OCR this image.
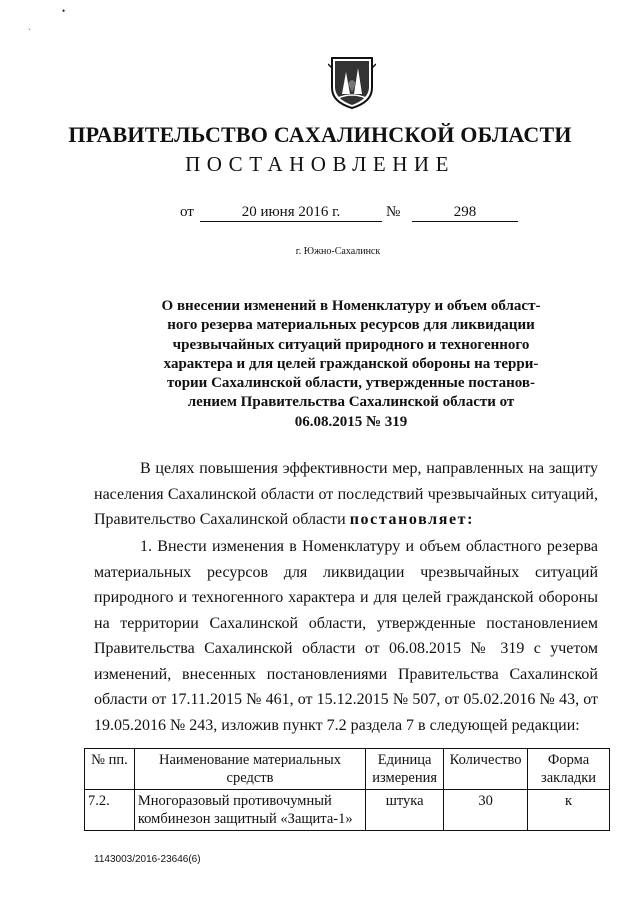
•
˴
ПРАВИТЕЛЬСТВО САХАЛИНСКОЙ ОБЛАСТИ
ПОСТАНОВЛЕНИЕ
от	20 июня 2016 г.	№	298
г. Южно-Сахалинск
О внесении изменений в Номенклатуру и объем област-
ного резерва материальных ресурсов для ликвидации
чрезвычайных ситуаций природного и техногенного
характера и для целей гражданской обороны на терри-
тории Сахалинской области, утвержденные постанов-
лением Правительства Сахалинской области от
06.08.2015 № 319
В целях повышения эффективности мер, направленных на защиту населения Сахалинской области от последствий чрезвычайных ситуаций, Правительство Сахалинской области постановляет:
1. Внести изменения в Номенклатуру и объем областного резерва материальных ресурсов для ликвидации чрезвычайных ситуаций природного и техногенного характера и для целей гражданской обороны на территории Сахалинской области, утвержденные постановлением Правительства Сахалинской области от 06.08.2015 № 319 с учетом изменений, внесенных постановлениями Правительства Сахалинской области от 17.11.2015 № 461, от 15.12.2015 № 507, от 05.02.2016 № 43, от 19.05.2016 № 243, изложив пункт 7.2 раздела 7 в следующей редакции:
№ пп.	Наименование материальных средств	Единица измерения	Количество	Форма закладки
7.2.	Многоразовый противочумный комбинезон защитный «Защита-1»	штука	30	к
1143003/2016-23646(6)
